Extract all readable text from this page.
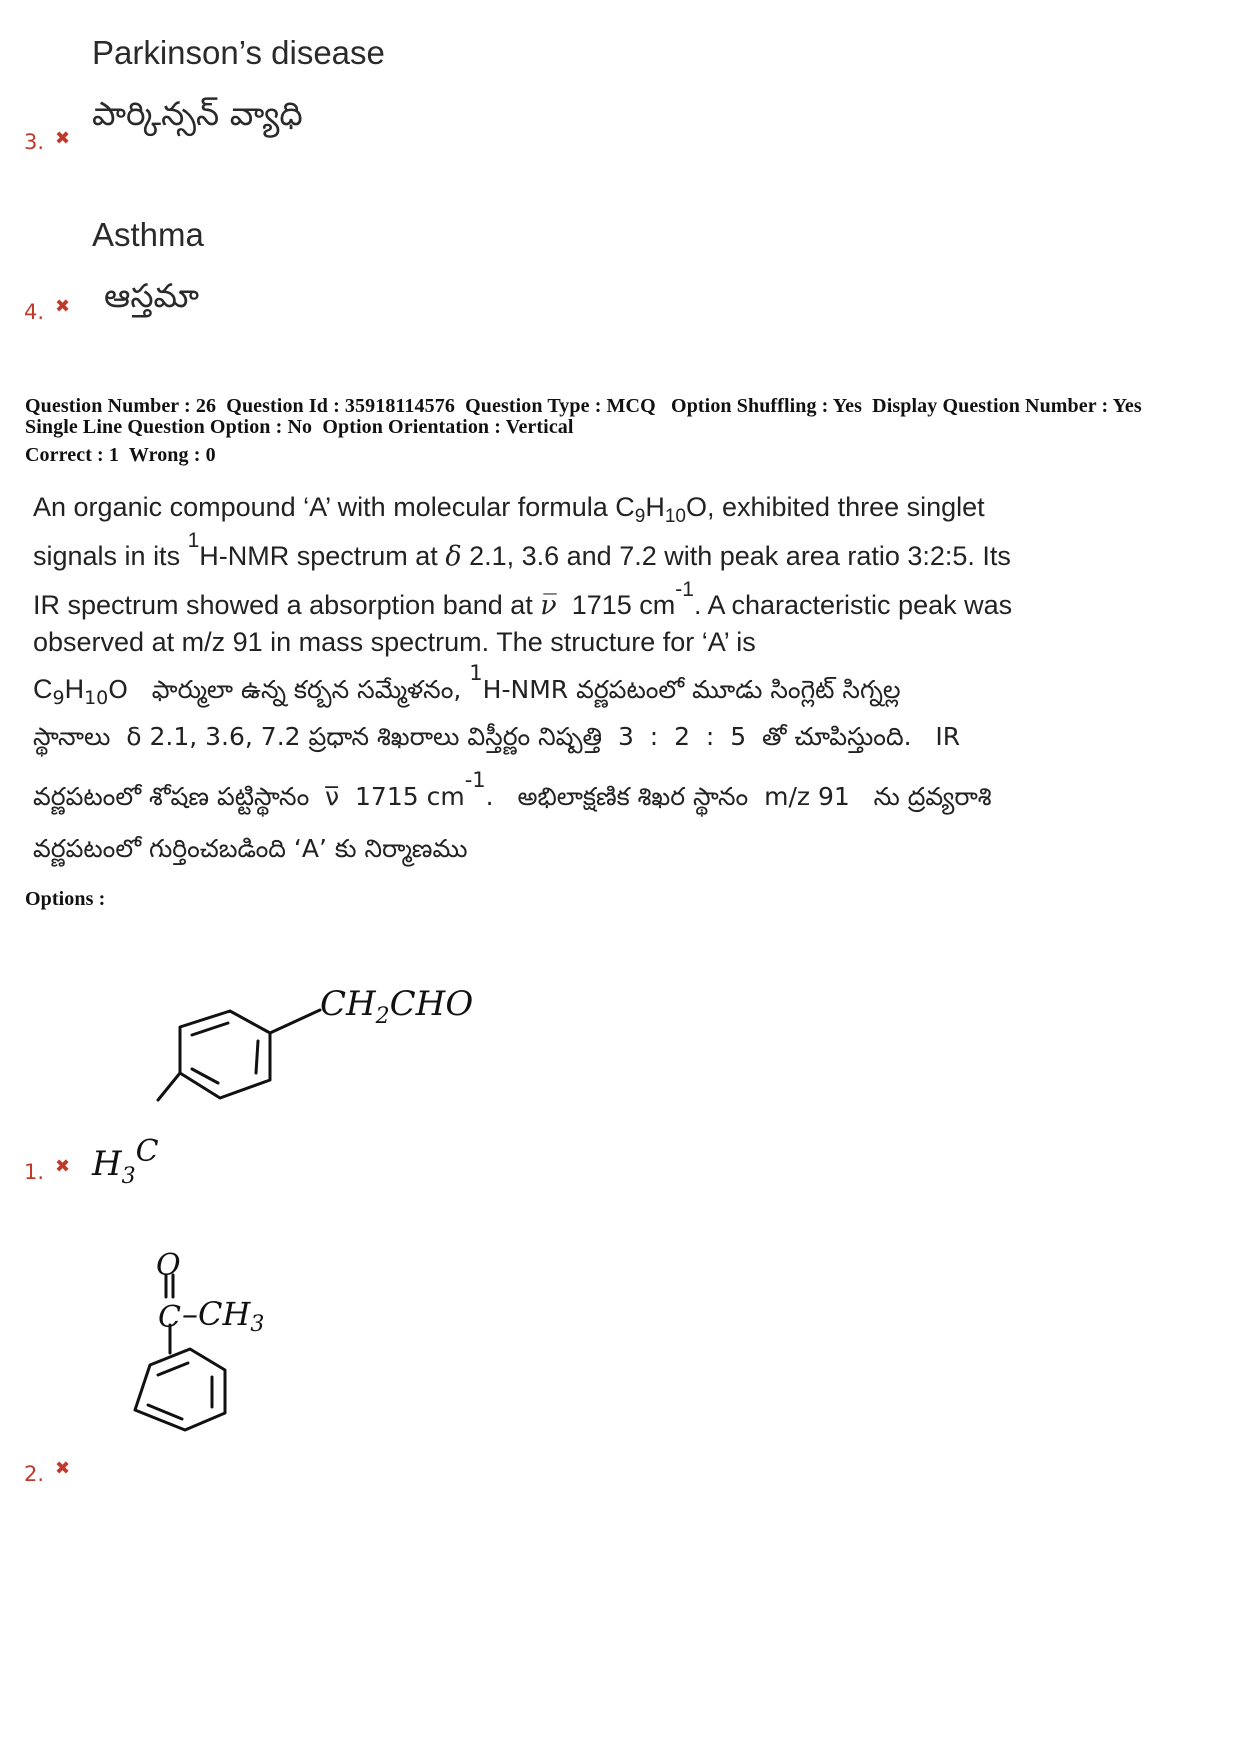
Parkinson’s disease
పార్కిన్సన్ వ్యాధి
3. ✖
Asthma
ఆస్తమా
4. ✖
Question Number : 26  Question Id : 35918114576  Question Type : MCQ   Option Shuffling : Yes  Display Question Number : Yes
Single Line Question Option : No  Option Orientation : Vertical
Correct : 1  Wrong : 0
An organic compound ‘A’ with molecular formula $C_9H_{10}O$, exhibited three singlet
signals in its $^1$H-NMR spectrum at δ 2.1, 3.6 and 7.2 with peak area ratio 3:2:5. Its
IR spectrum showed a absorption band at ν̅  1715 $cm^{-1}$. A characteristic peak was
observed at m/z 91 in mass spectrum. The structure for ‘A’ is
$C_9H_{10}O$   ఫార్ములా ఉన్న కర్బన సమ్మేళనం, $^1$H-NMR వర్ణపటంలో మూడు సింగ్లెట్ సిగ్నల్ల
స్థానాలు  δ 2.1, 3.6, 7.2 ప్రధాన శిఖరాలు విస్తీర్ణం నిష్పత్తి  3  :  2  :  5  తో చూపిస్తుంది.   IR
వర్ణపటంలో శోషణ పట్టిస్థానం  ν̅  1715 $cm^{-1}$.   అభిలాక్షణిక శిఖర స్థానం  m/z 91   ను ద్రవ్యరాశి
వర్ణపటంలో గుర్తించబడింది ‘A’ కు నిర్మాణము
Options :
$CH_2CHO$
$H_3C$
1. ✖
O
C –CH3
2. ✖
